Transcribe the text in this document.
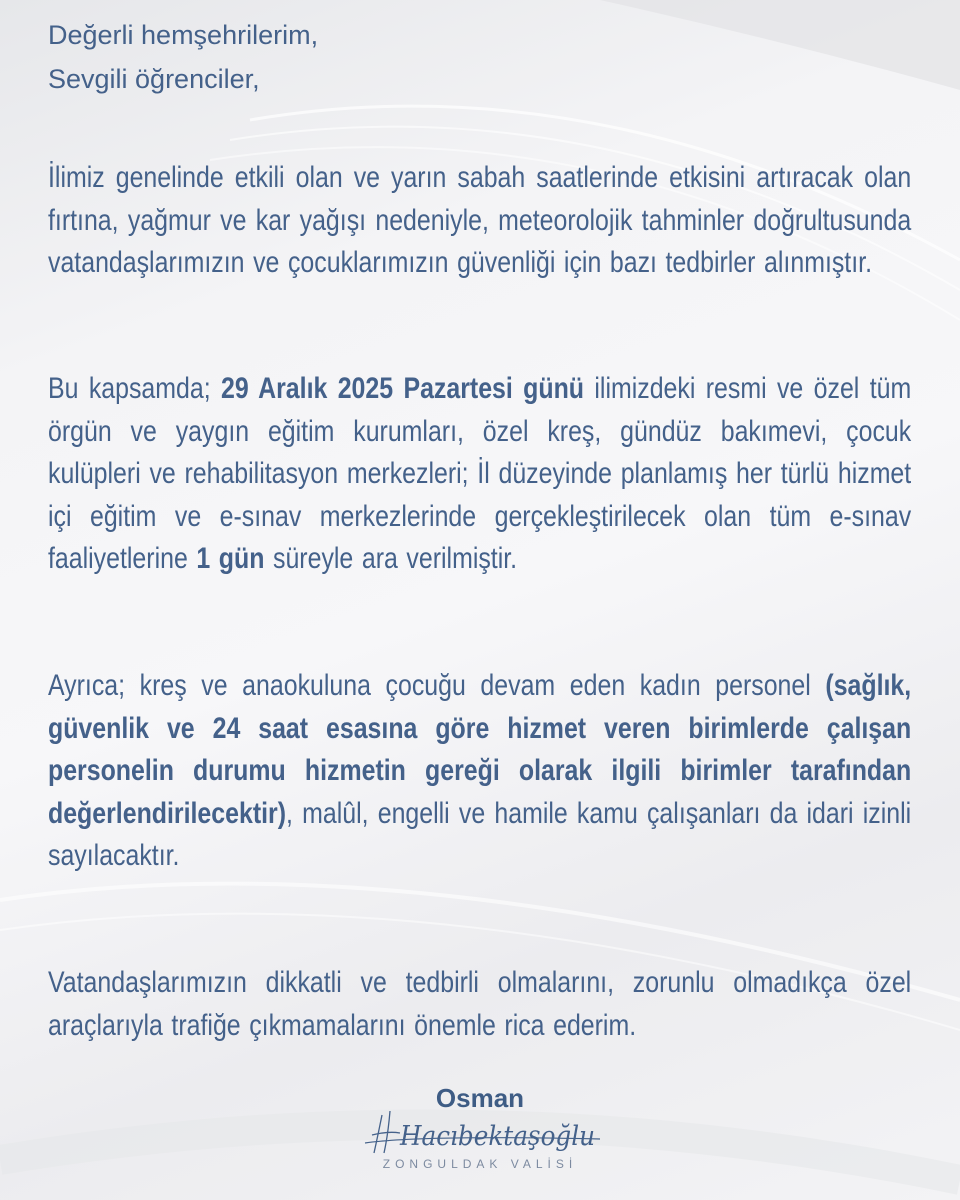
Değerli hemşehrilerim,
Sevgili öğrenciler,
İlimiz genelinde etkili olan ve yarın sabah saatlerinde etkisini artıracak olan fırtına, yağmur ve kar yağışı nedeniyle, meteorolojik tahminler doğrultusunda vatandaşlarımızın ve çocuklarımızın güvenliği için bazı tedbirler alınmıştır.
Bu kapsamda; 29 Aralık 2025 Pazartesi günü ilimizdeki resmi ve özel tüm örgün ve yaygın eğitim kurumları, özel kreş, gündüz bakımevi, çocuk kulüpleri ve rehabilitasyon merkezleri; İl düzeyinde planlamış her türlü hizmet içi eğitim ve e-sınav merkezlerinde gerçekleştirilecek olan tüm e-sınav faaliyetlerine 1 gün süreyle ara verilmiştir.
Ayrıca; kreş ve anaokuluna çocuğu devam eden kadın personel (sağlık, güvenlik ve 24 saat esasına göre hizmet veren birimlerde çalışan personelin durumu hizmetin gereği olarak ilgili birimler tarafından değerlendirilecektir), malûl, engelli ve hamile kamu çalışanları da idari izinli sayılacaktır.
Vatandaşlarımızın dikkatli ve tedbirli olmalarını, zorunlu olmadıkça özel araçlarıyla trafiğe çıkmamalarını önemle rica ederim.
Osman
Hacıbektaşoğlu
ZONGULDAK VALİSİ
